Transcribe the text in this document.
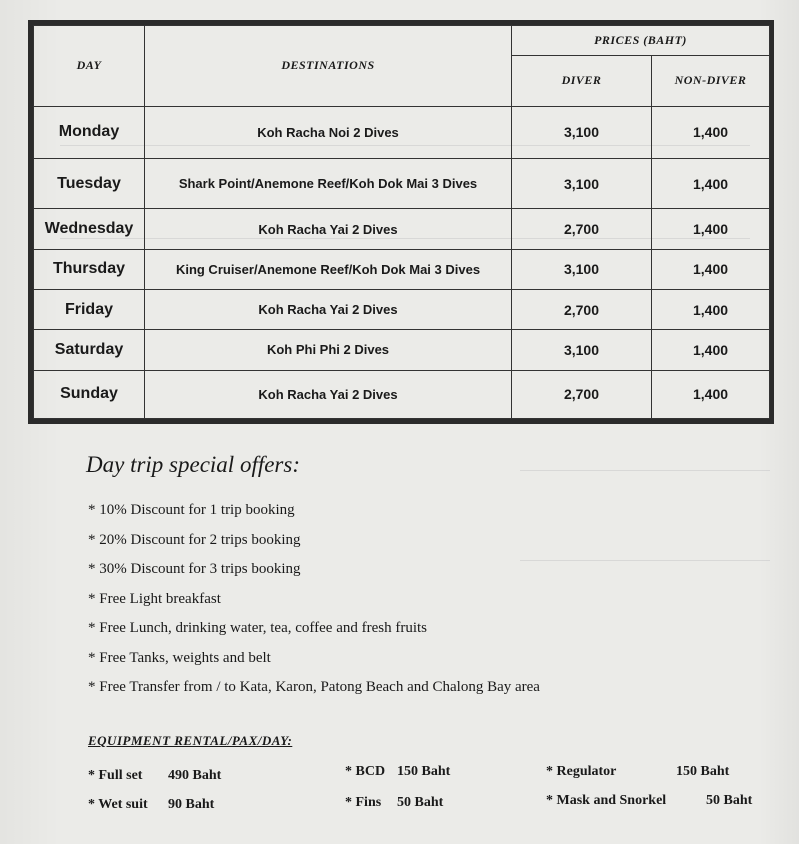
DAY	DESTINATIONS	PRICES (BAHT)	
		DIVER	NON-DIVER
Monday	Koh Racha Noi 2 Dives	3,100	1,400
Tuesday	Shark Point/Anemone Reef/Koh Dok Mai 3 Dives	3,100	1,400
Wednesday	Koh Racha Yai 2 Dives	2,700	1,400
Thursday	King Cruiser/Anemone Reef/Koh Dok Mai 3 Dives	3,100	1,400
Friday	Koh Racha Yai 2 Dives	2,700	1,400
Saturday	Koh Phi Phi 2 Dives	3,100	1,400
Sunday	Koh Racha Yai 2 Dives	2,700	1,400
Day trip special offers:
* 10% Discount for 1 trip booking
* 20% Discount for 2 trips booking
* 30% Discount for 3 trips booking
* Free Light breakfast
* Free Lunch, drinking water, tea, coffee and fresh fruits
* Free Tanks, weights and belt
* Free Transfer from / to Kata, Karon, Patong Beach and Chalong Bay area
EQUIPMENT RENTAL/PAX/DAY:
* Full set 490 Baht	* BCD 150 Baht	* Regulator	150 Baht
* Wet suit 90 Baht	* Fins 50 Baht	* Mask and Snorkel	50 Baht
